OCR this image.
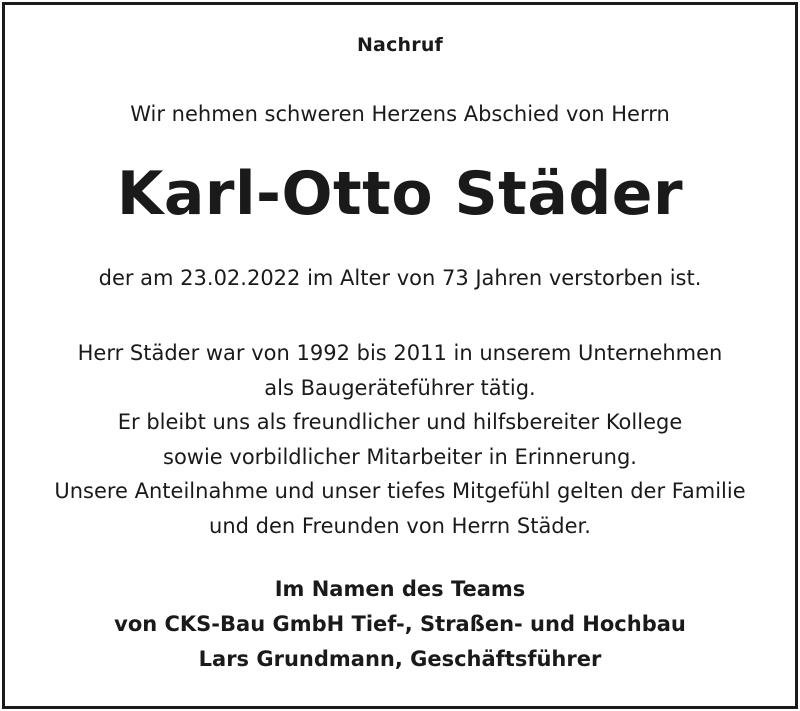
Nachruf
Wir nehmen schweren Herzens Abschied von Herrn
Karl-Otto Städer
der am 23.02.2022 im Alter von 73 Jahren verstorben ist.
Herr Städer war von 1992 bis 2011 in unserem Unternehmen
als Baugeräteführer tätig.
Er bleibt uns als freundlicher und hilfsbereiter Kollege
sowie vorbildlicher Mitarbeiter in Erinnerung.
Unsere Anteilnahme und unser tiefes Mitgefühl gelten der Familie
und den Freunden von Herrn Städer.
Im Namen des Teams
von CKS-Bau GmbH Tief-, Straßen- und Hochbau
Lars Grundmann, Geschäftsführer
